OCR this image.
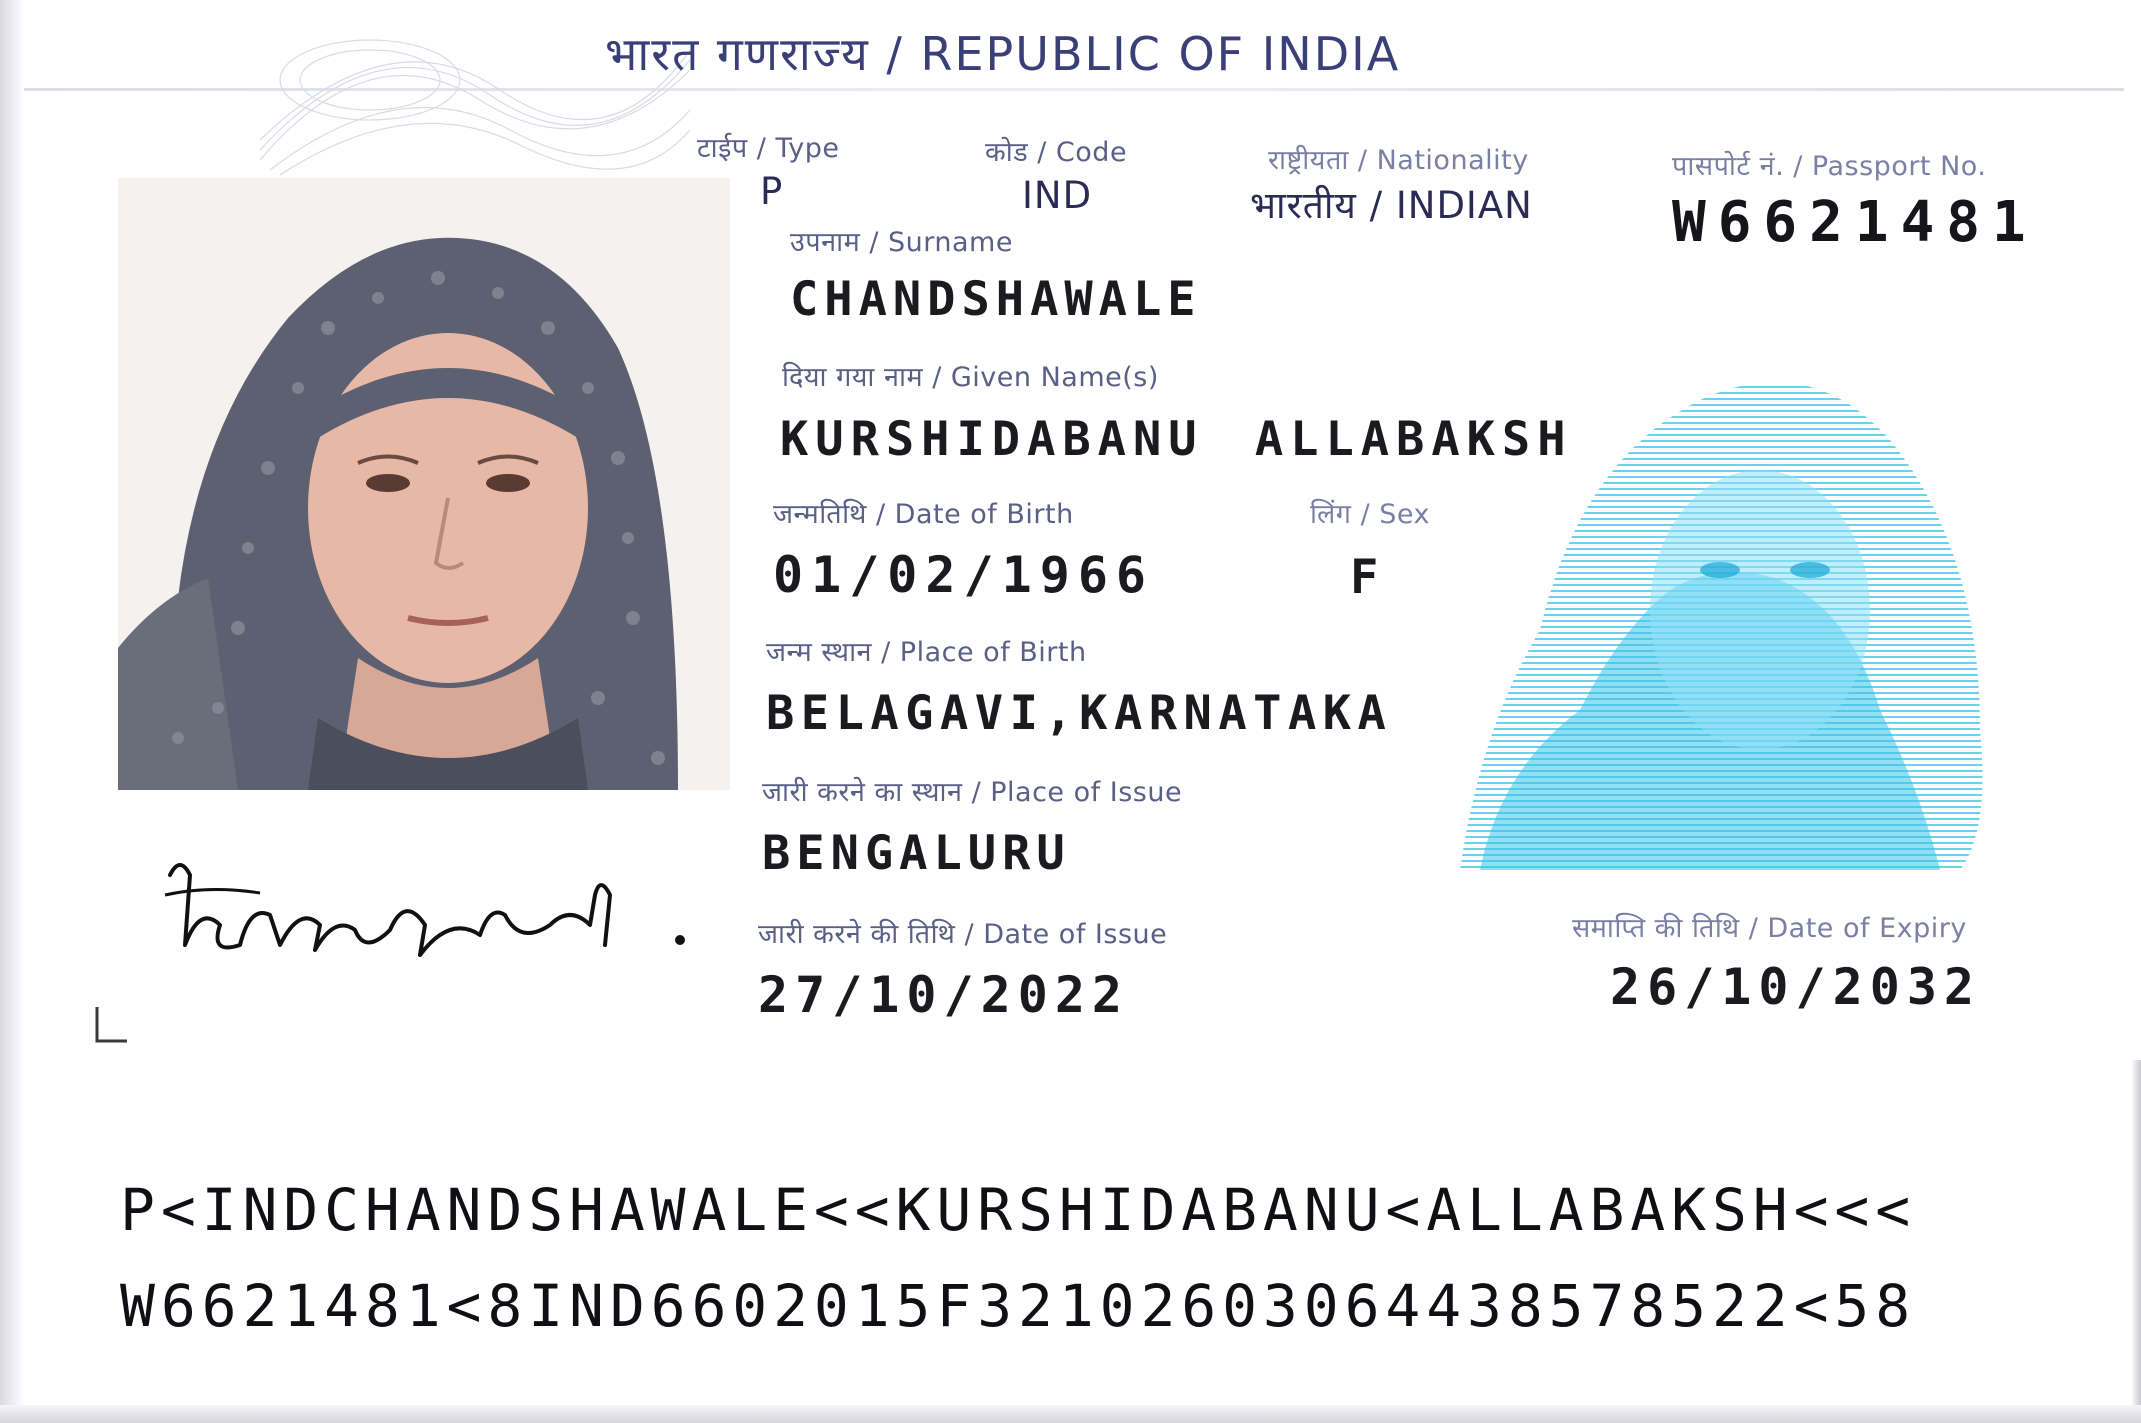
भारत गणराज्य / REPUBLIC OF INDIA
टाईप / Type	कोड / Code	राष्ट्रीयता / Nationality	पासपोर्ट नं. / Passport No.
P	IND	भारतीय / INDIAN W6621481
उपनाम / Surname
CHANDSHAWALE
दिया गया नाम / Given Name(s)
KURSHIDABANU ALLABAKSH
जन्मतिथि / Date of Birth	लिंग / Sex
01/02/1966	F
जन्म स्थान / Place of Birth
BELAGAVI,KARNATAKA
जारी करने का स्थान / Place of Issue
BENGALURU
जारी करने की तिथि / Date of Issue
27/10/2022
समाप्ति की तिथि / Date of Expiry
26/10/2032
P<INDCHANDSHAWALE<<KURSHIDABANU<ALLABAKSH<<<
W6621481<8IND6602015F32102603064438578522<58
